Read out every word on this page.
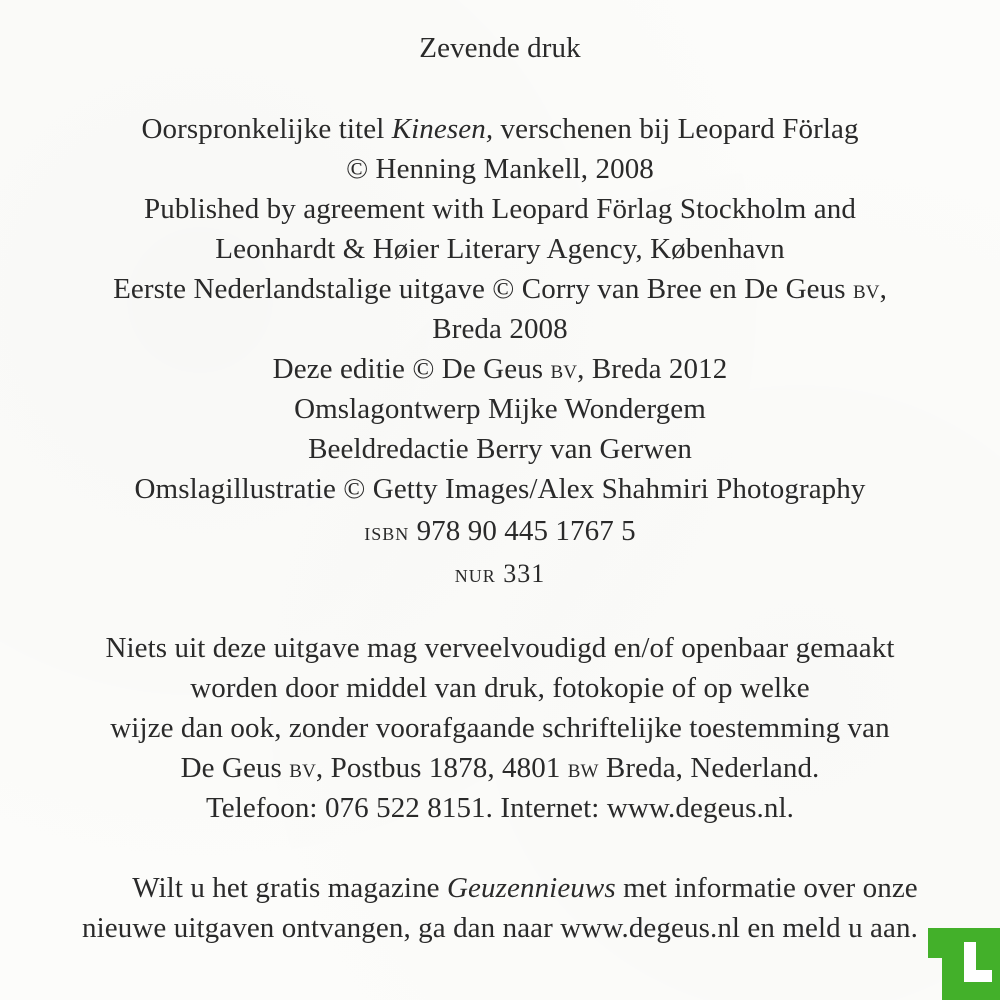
Zevende druk
Oorspronkelijke titel Kinesen, verschenen bij Leopard Förlag
© Henning Mankell, 2008
Published by agreement with Leopard Förlag Stockholm and
Leonhardt & Høier Literary Agency, København
Eerste Nederlandstalige uitgave © Corry van Bree en De Geus bv,
Breda 2008
Deze editie © De Geus bv, Breda 2012
Omslagontwerp Mijke Wondergem
Beeldredactie Berry van Gerwen
Omslagillustratie © Getty Images/Alex Shahmiri Photography
isbn 978 90 445 1767 5
nur 331
Niets uit deze uitgave mag verveelvoudigd en/of openbaar gemaakt
worden door middel van druk, fotokopie of op welke
wijze dan ook, zonder voorafgaande schriftelijke toestemming van
De Geus bv, Postbus 1878, 4801 bw Breda, Nederland.
Telefoon: 076 522 8151. Internet: www.degeus.nl.
Wilt u het gratis magazine Geuzennieuws met informatie over onze
nieuwe uitgaven ontvangen, ga dan naar www.degeus.nl en meld u aan.
